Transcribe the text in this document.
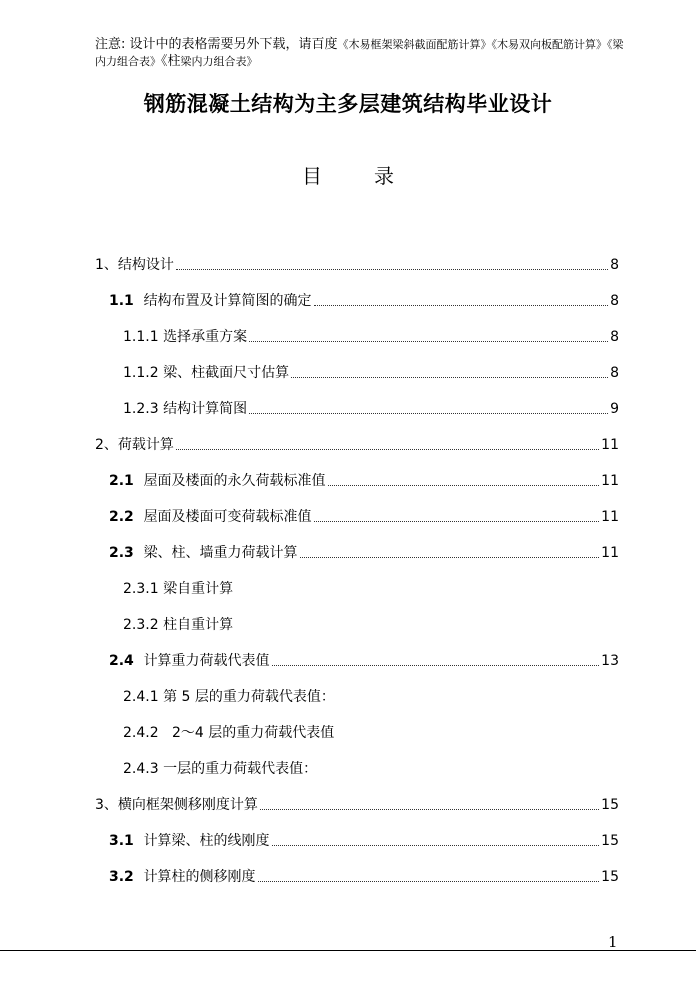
注意: 设计中的表格需要另外下载，请百度《木易框架梁斜截面配筋计算》《木易双向板配筋计算》《梁内力组合表》《柱梁内力组合表》
钢筋混凝土结构为主多层建筑结构毕业设计
目	录
1、 结构设计	8
1.1 结构布置及计算简图的确定	8
1.1.1 选择承重方案	8
1.1.2 梁、柱截面尺寸估算	8
1.2.3 结构计算简图	9
2、 荷载计算	11
2.1 屋面及楼面的永久荷载标准值	11
2.2 屋面及楼面可变荷载标准值	11
2.3 梁、柱、墙重力荷载计算	11
2.3.1 梁自重计算
2.3.2 柱自重计算
2.4 计算重力荷载代表值	13
2.4.1 第 5 层的重力荷载代表值：
2.4.2 2～4 层的重力荷载代表值
2.4.3 一层的重力荷载代表值：
3、 横向框架侧移刚度计算	15
3.1 计算梁、柱的线刚度	15
3.2 计算柱的侧移刚度	15
1
